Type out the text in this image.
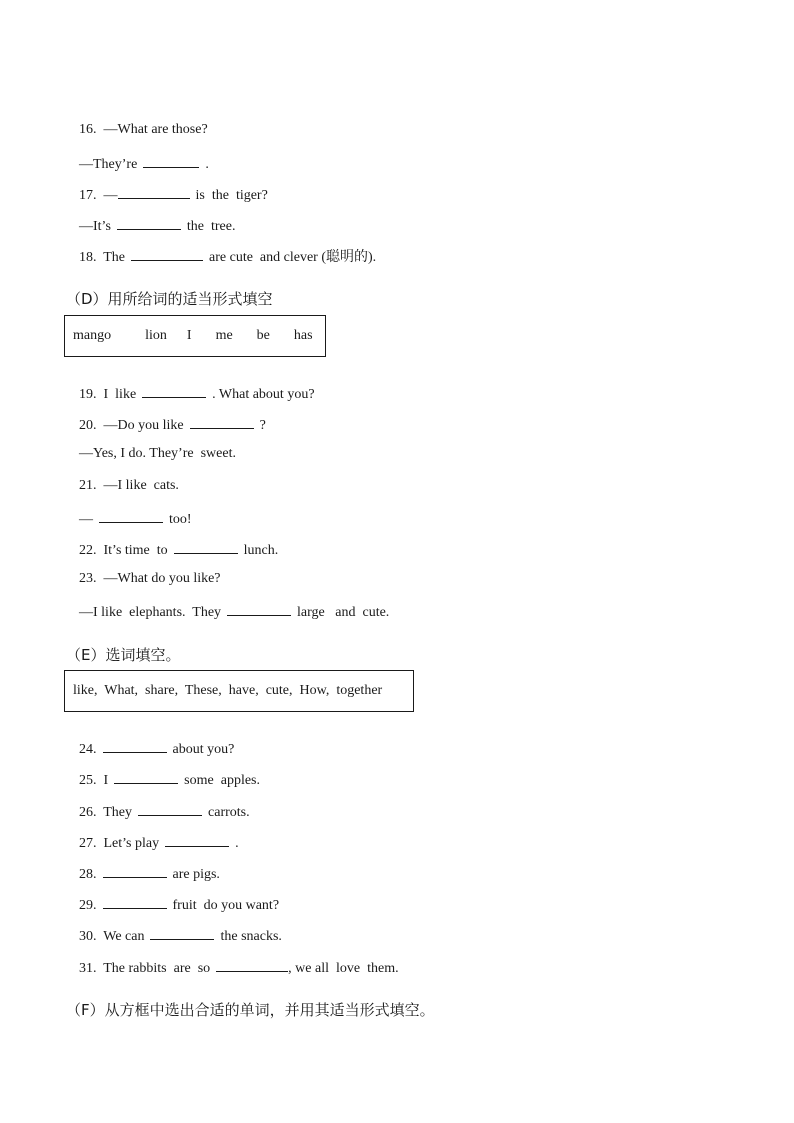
16. —What are those?

—They’re	.

17. —	is  the  tiger?

—It’s	the  tree.

18. The	are cute  and clever (聪明的).

（D）用所给词的适当形式填空
mango lion I me be has

19. I  like	. What about you?

20. —Do you like	?

—Yes, I do. They’re  sweet.

21. —I like  cats.

—	too!

22. It’s time  to	lunch.

23. —What do you like?

—I like  elephants.  They	large   and  cute.

（E）选词填空。
like,  What,  share,  These,  have,  cute,  How,  together

24.	about you?

25. I	some  apples.

26. They	carrots.

27. Let’s play	.

28.	are pigs.

29.	fruit  do you want?

30. We can	the snacks.

31. The rabbits  are  so	, we all  love  them.

（F）从方框中选出合适的单词，并用其适当形式填空。
